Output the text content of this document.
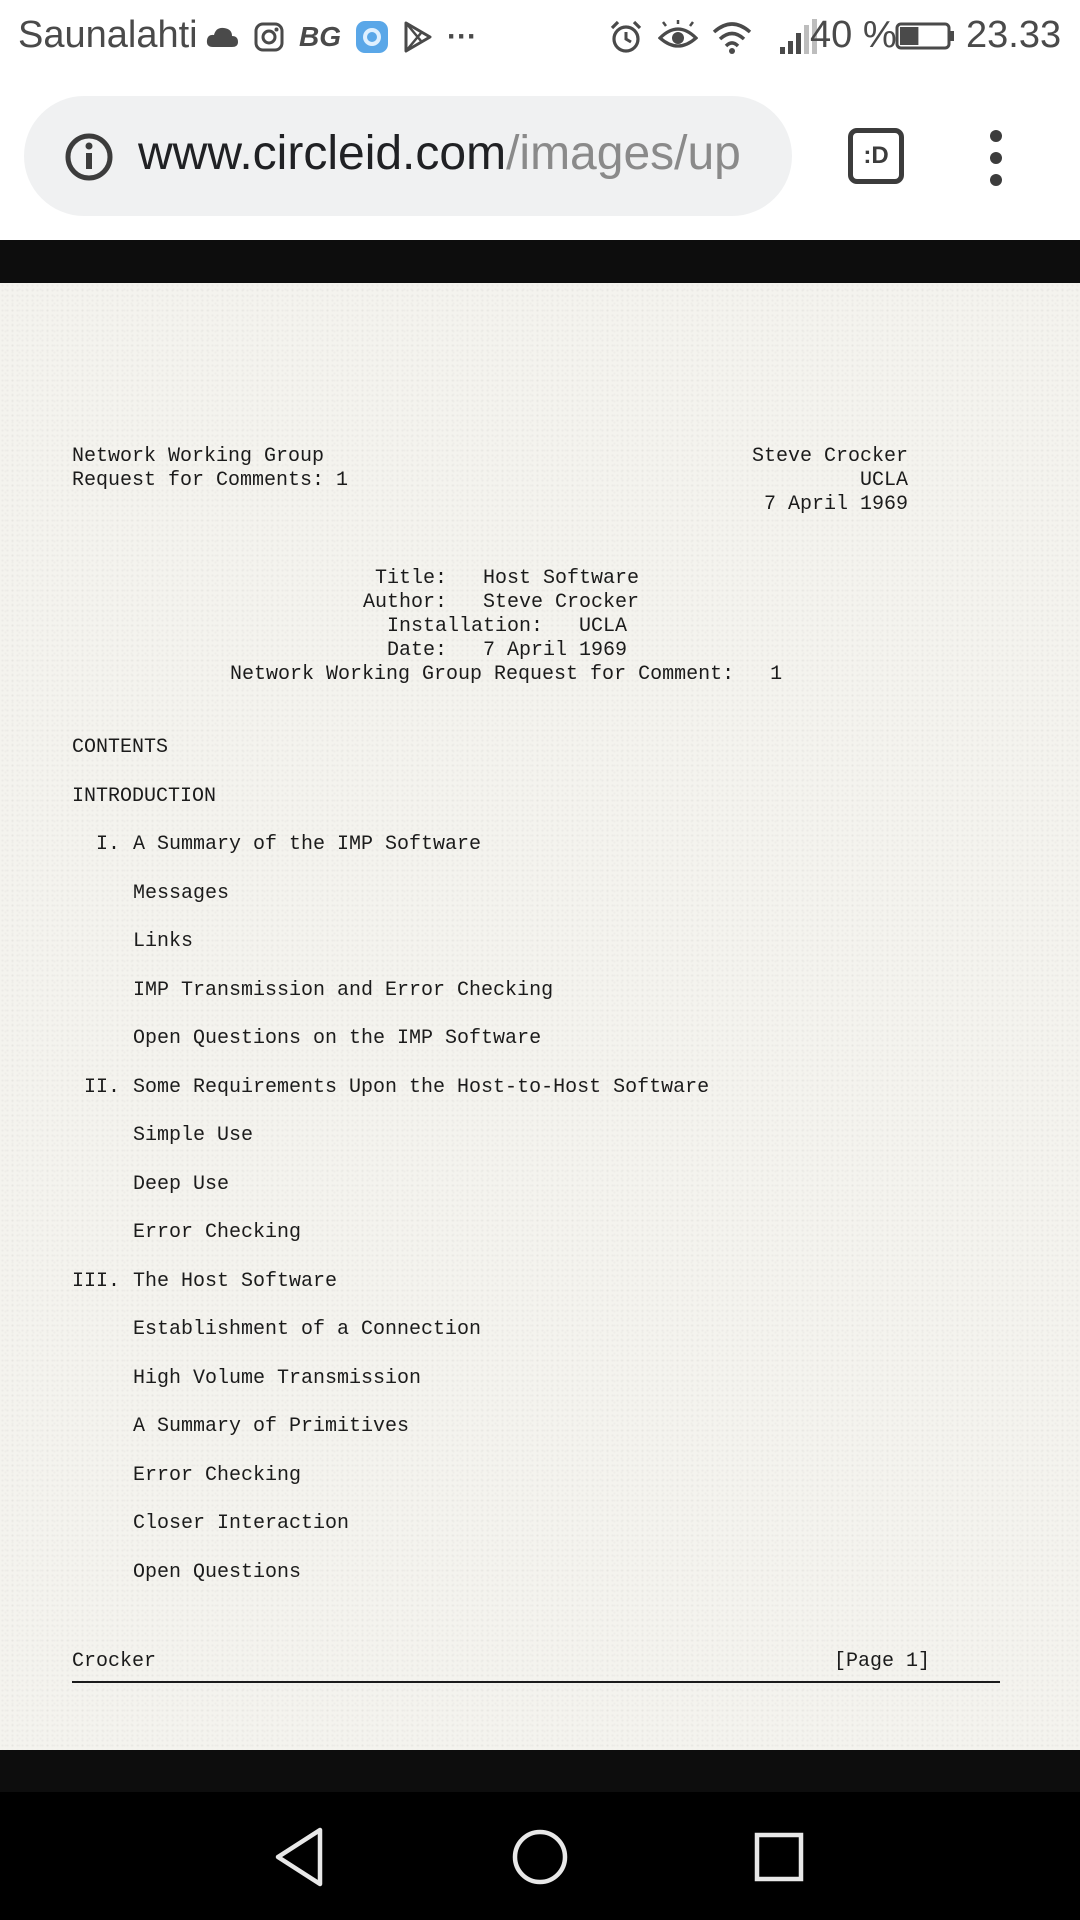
Saunalahti	BG	···	40 % 23.33
www.circleid.com/images/up	:D
Network Working Group
Request for Comments: 1
Steve Crocker
UCLA
7 April 1969
Title:   Host Software
Author:   Steve Crocker
Installation:   UCLA
Date:   7 April 1969
Network Working Group Request for Comment:   1
CONTENTS
INTRODUCTION
I. A Summary of the IMP Software
Messages
Links
IMP Transmission and Error Checking
Open Questions on the IMP Software
II. Some Requirements Upon the Host-to-Host Software
Simple Use
Deep Use
Error Checking
III. The Host Software
Establishment of a Connection
High Volume Transmission
A Summary of Primitives
Error Checking
Closer Interaction
Open Questions
Crocker	[Page 1]
